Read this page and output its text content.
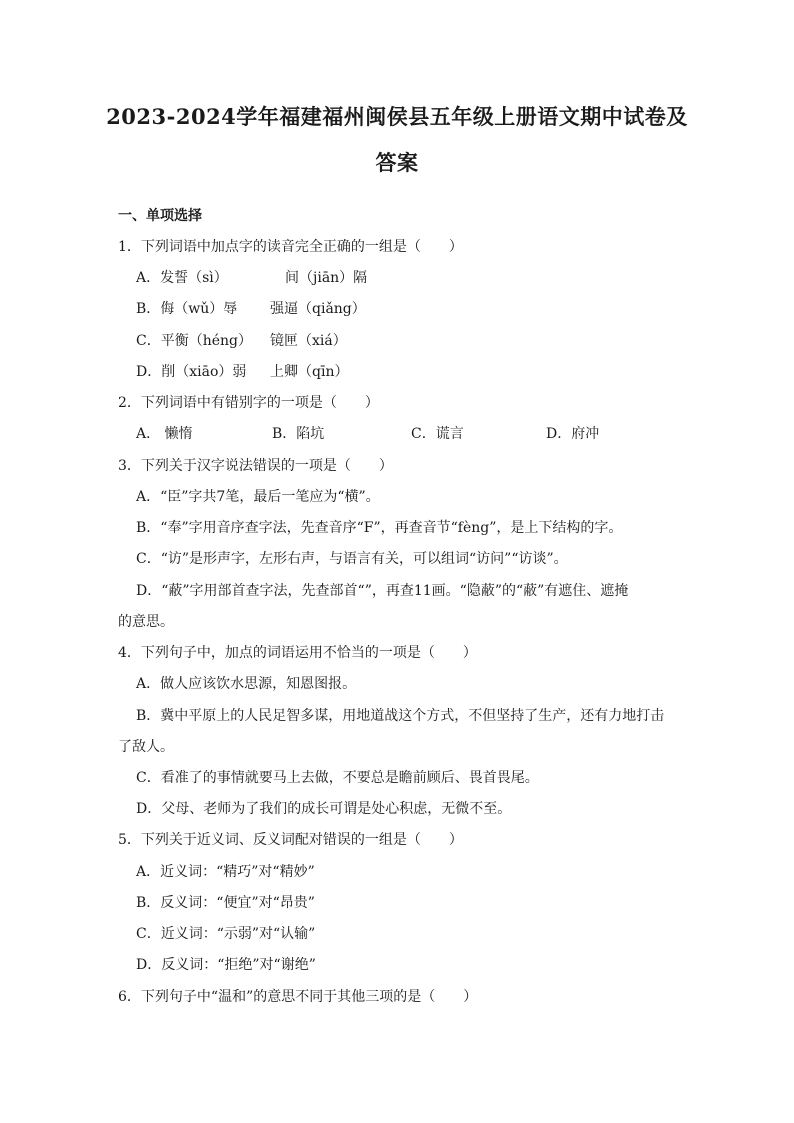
2023-2024学年福建福州闽侯县五年级上册语文期中试卷及
答案
一、单项选择
1．下列词语中加点字的读音完全正确的一组是（　　）
A．发誓（sì）	间（jiān）隔
B．侮（wǔ）辱 强逼（qiǎng）
C．平衡（héng） 镜匣（xiá）
D．削（xiāo）弱 上卿（qīn）
2．下列词语中有错别字的一项是（　　）
A． 懒惰	B．陷坑	C．谎言	D．府冲
3．下列关于汉字说法错误的一项是（　　）
A．“臣”字共7笔，最后一笔应为“横”。
B．“奉”字用音序查字法，先查音序“F”，再查音节“fèng”，是上下结构的字。
C．“访”是形声字，左形右声，与语言有关，可以组词“访问”“访谈”。
D．“蔽”字用部首查字法，先查部首“”，再查11画。“隐蔽”的“蔽”有遮住、遮掩
的意思。
4．下列句子中，加点的词语运用不恰当的一项是（　　）
A．做人应该饮水思源，知恩图报。
B．冀中平原上的人民足智多谋，用地道战这个方式，不但坚持了生产，还有力地打击
了敌人。
C．看准了的事情就要马上去做，不要总是瞻前顾后、畏首畏尾。
D．父母、老师为了我们的成长可谓是处心积虑，无微不至。
5．下列关于近义词、反义词配对错误的一组是（　　）
A．近义词：“精巧”对“精妙”
B．反义词：“便宜”对“昂贵”
C．近义词：“示弱”对“认输”
D．反义词：“拒绝”对“谢绝”
6．下列句子中“温和”的意思不同于其他三项的是（　　）
